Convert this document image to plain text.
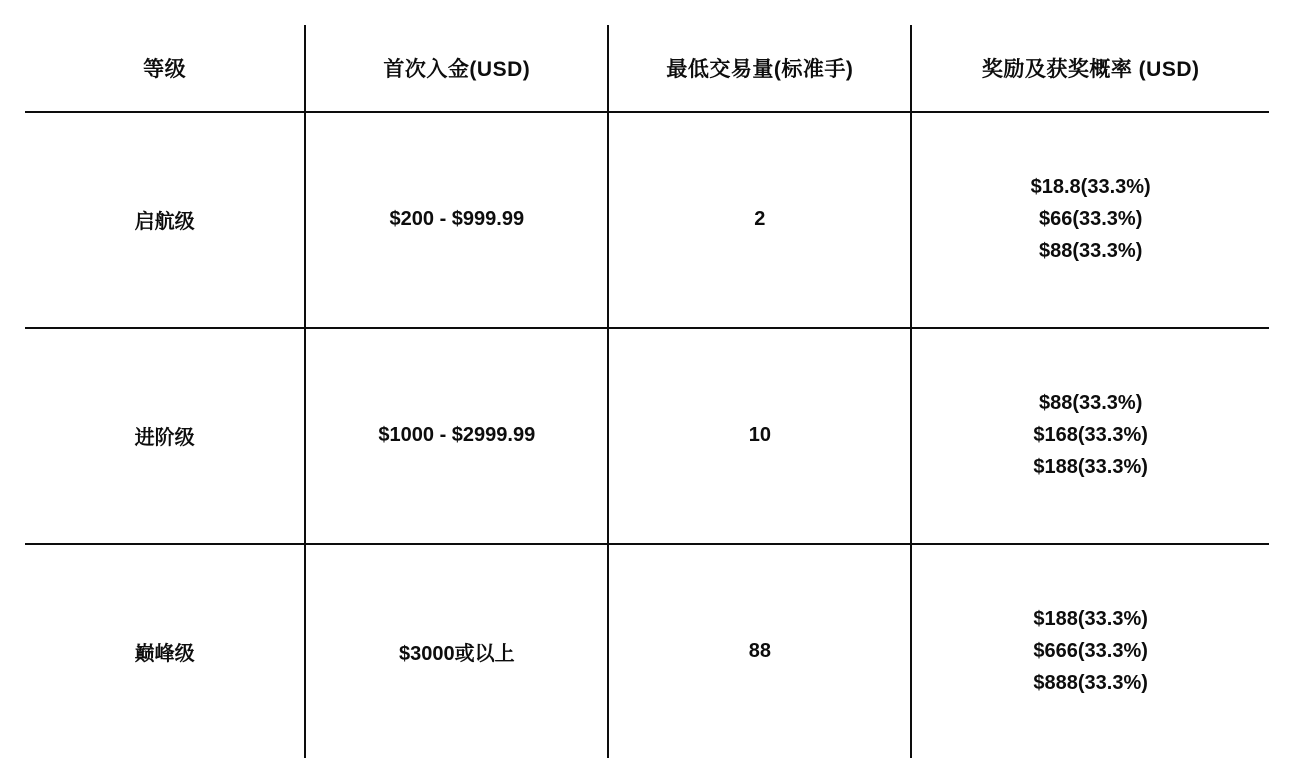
等级	首次入金(USD)	最低交易量(标准手)	奖励及获奖概率 (USD)

启航级	$200 - $999.99	2	$18.8(33.3%)
$66(33.3%)
$88(33.3%)

进阶级	$1000 - $2999.99	10	$88(33.3%)
$168(33.3%)
$188(33.3%)

巅峰级	$3000或以上	88	$188(33.3%)
$666(33.3%)
$888(33.3%)
